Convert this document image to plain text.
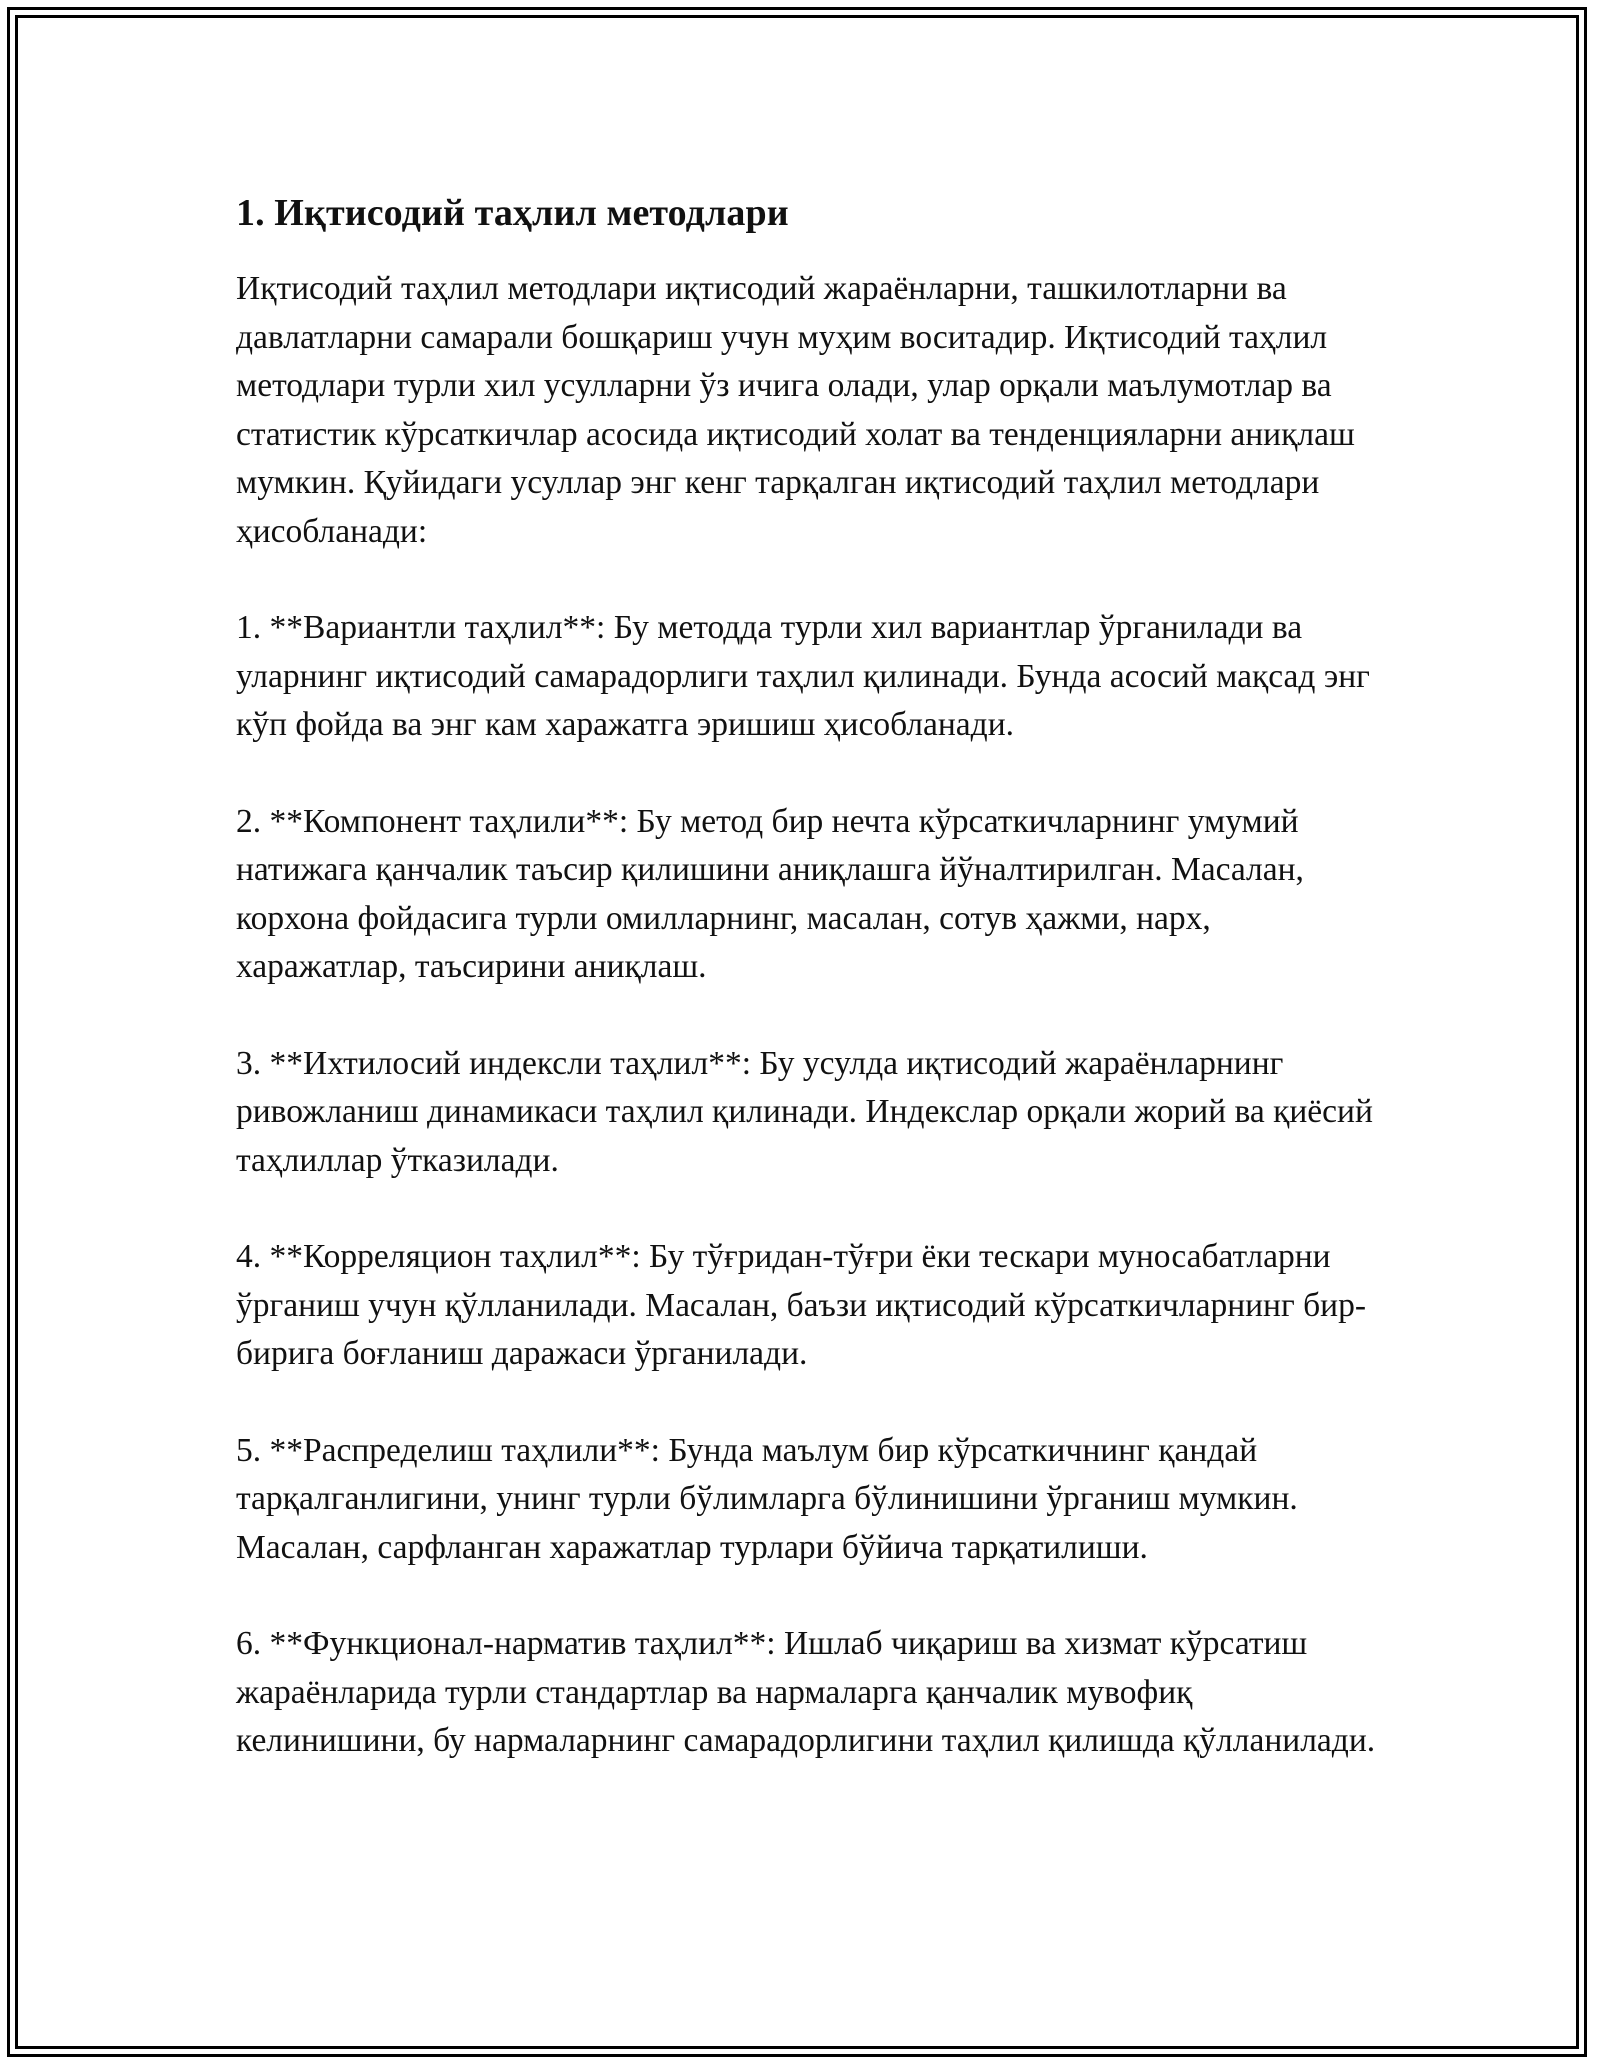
1. Иқтисодий таҳлил методлари

Иқтисодий таҳлил методлари иқтисодий жараёнларни, ташкилотларни ва давлатларни самарали бошқариш учун муҳим воситадир. Иқтисодий таҳлил методлари турли хил усулларни ўз ичига олади, улар орқали маълумотлар ва статистик кўрсаткичлар асосида иқтисодий холат ва тенденцияларни аниқлаш мумкин. Қуйидаги усуллар энг кенг тарқалган иқтисодий таҳлил методлари ҳисобланади:

1. **Вариантли таҳлил**: Бу методда турли хил вариантлар ўрганилади ва уларнинг иқтисодий самарадорлиги таҳлил қилинади. Бунда асосий мақсад энг кўп фойда ва энг кам харажатга эришиш ҳисобланади.

2. **Компонент таҳлили**: Бу метод бир нечта кўрсаткичларнинг умумий натижага қанчалик таъсир қилишини аниқлашга йўналтирилган. Масалан, корхона фойдасига турли омилларнинг, масалан, сотув ҳажми, нарх, харажатлар, таъсирини аниқлаш.

3. **Ихтилосий индексли таҳлил**: Бу усулда иқтисодий жараёнларнинг ривожланиш динамикаси таҳлил қилинади. Индекслар орқали жорий ва қиёсий таҳлиллар ўтказилади.

4. **Корреляцион таҳлил**: Бу тўғридан-тўғри ёки тескари муносабатларни ўрганиш учун қўлланилади. Масалан, баъзи иқтисодий кўрсаткичларнинг бир-бирига боғланиш даражаси ўрганилади.

5. **Распределиш таҳлили**: Бунда маълум бир кўрсаткичнинг қандай тарқалганлигини, унинг турли бўлимларга бўлинишини ўрганиш мумкин. Масалан, сарфланган харажатлар турлари бўйича тарқатилиши.

6. **Функционал-нарматив таҳлил**: Ишлаб чиқариш ва хизмат кўрсатиш жараёнларида турли стандартлар ва нармаларга қанчалик мувофиқ келинишини, бу нармаларнинг самарадорлигини таҳлил қилишда қўлланилади.
